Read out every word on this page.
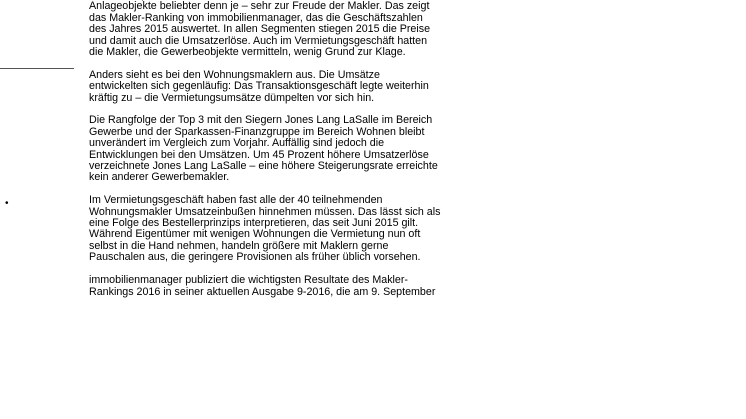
•

Anlageobjekte beliebter denn je – sehr zur Freude der Makler. Das zeigt
das Makler-Ranking von immobilienmanager, das die Geschäftszahlen
des Jahres 2015 auswertet. In allen Segmenten stiegen 2015 die Preise
und damit auch die Umsatzerlöse. Auch im Vermietungsgeschäft hatten
die Makler, die Gewerbeobjekte vermitteln, wenig Grund zur Klage.

Anders sieht es bei den Wohnungsmaklern aus. Die Umsätze
entwickelten sich gegenläufig: Das Transaktionsgeschäft legte weiterhin
kräftig zu – die Vermietungsumsätze dümpelten vor sich hin.

Die Rangfolge der Top 3 mit den Siegern Jones Lang LaSalle im Bereich
Gewerbe und der Sparkassen-Finanzgruppe im Bereich Wohnen bleibt
unverändert im Vergleich zum Vorjahr. Auffällig sind jedoch die
Entwicklungen bei den Umsätzen. Um 45 Prozent höhere Umsatzerlöse
verzeichnete Jones Lang LaSalle – eine höhere Steigerungsrate erreichte
kein anderer Gewerbemakler.

Im Vermietungsgeschäft haben fast alle der 40 teilnehmenden
Wohnungsmakler Umsatzeinbußen hinnehmen müssen. Das lässt sich als
eine Folge des Bestellerprinzips interpretieren, das seit Juni 2015 gilt.
Während Eigentümer mit wenigen Wohnungen die Vermietung nun oft
selbst in die Hand nehmen, handeln größere mit Maklern gerne
Pauschalen aus, die geringere Provisionen als früher üblich vorsehen.

immobilienmanager publiziert die wichtigsten Resultate des Makler-
Rankings 2016 in seiner aktuellen Ausgabe 9-2016, die am 9. September
